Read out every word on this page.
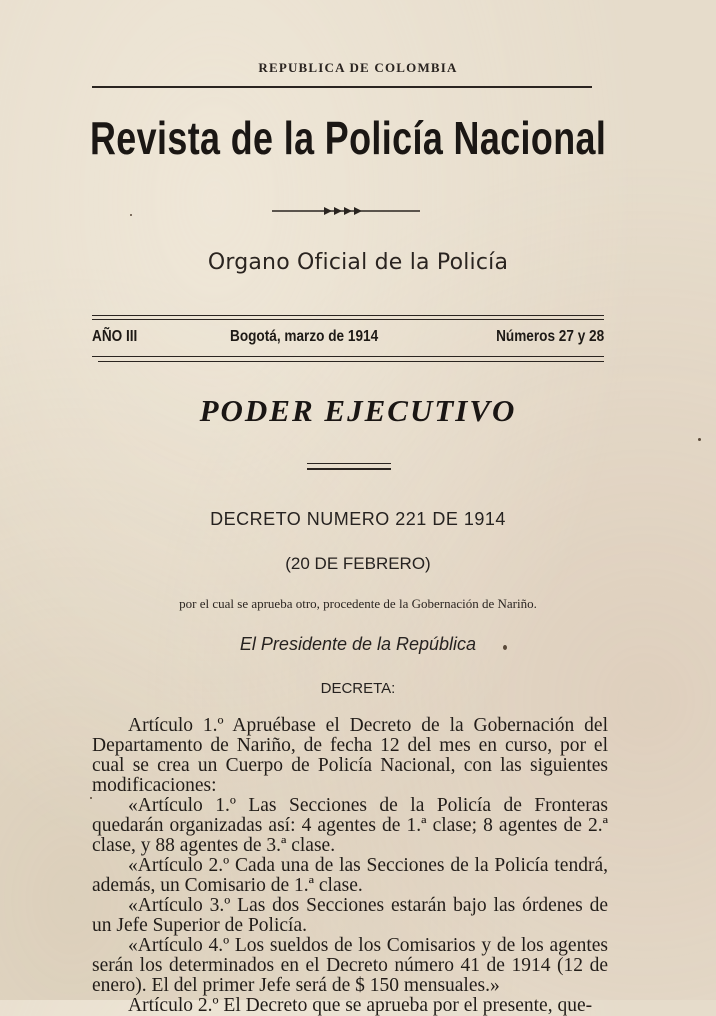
REPUBLICA DE COLOMBIA
Revista de la Policía Nacional
Organo Oficial de la Policía
AÑO III	Bogotá, marzo de 1914	Números 27 y 28
PODER EJECUTIVO
DECRETO NUMERO 221 DE 1914
(20 DE FEBRERO)
por el cual se aprueba otro, procedente de la Gobernación de Nariño.
El Presidente de la República
DECRETA:

Artículo 1.º Apruébase el Decreto de la Gobernación del Departamento de Nariño, de fecha 12 del mes en curso, por el cual se crea un Cuerpo de Policía Nacional, con las siguientes modificaciones:

«Artículo 1.º Las Secciones de la Policía de Fronteras quedarán organizadas así: 4 agentes de 1.ª clase; 8 agentes de 2.ª clase, y 88 agentes de 3.ª clase.

«Artículo 2.º Cada una de las Secciones de la Policía tendrá, además, un Comisario de 1.ª clase.

«Artículo 3.º Las dos Secciones estarán bajo las órdenes de un Jefe Superior de Policía.

«Artículo 4.º Los sueldos de los Comisarios y de los agentes serán los determinados en el Decreto número 41 de 1914 (12 de enero). El del primer Jefe será de $ 150 mensuales.»

Artículo 2.º El Decreto que se aprueba por el presente, que-
